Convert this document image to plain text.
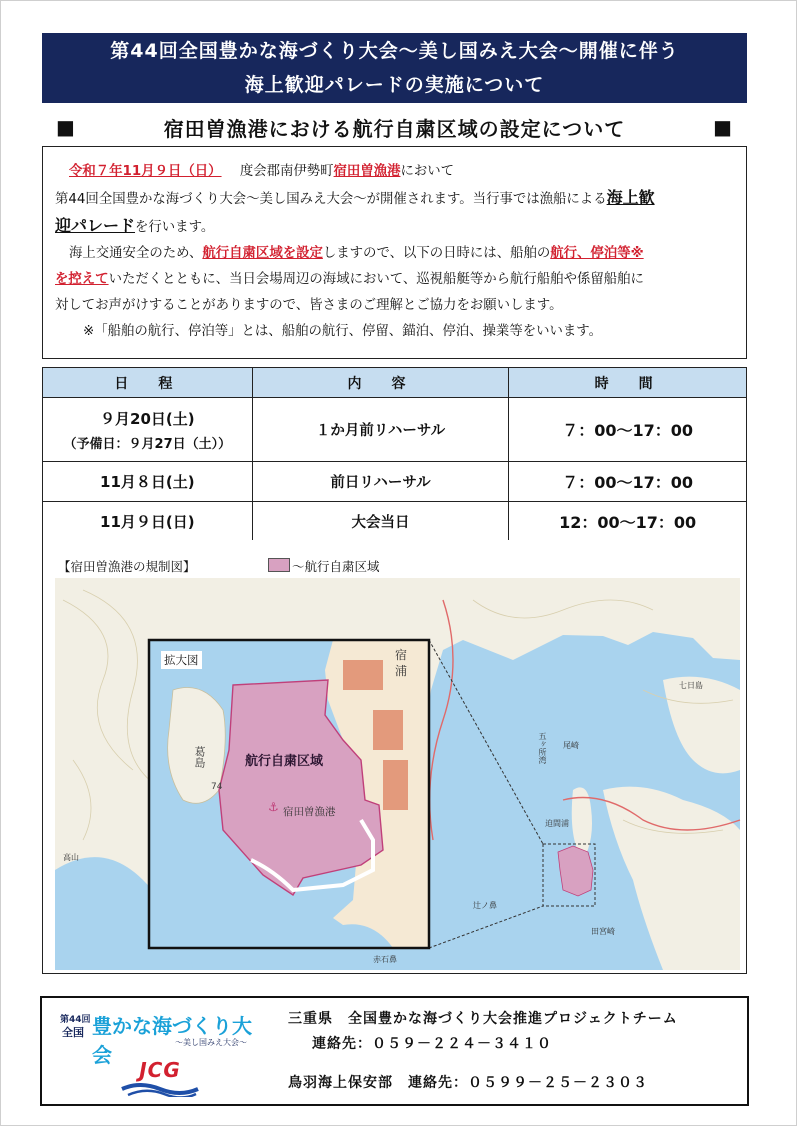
第44回全国豊かな海づくり大会～美し国みえ大会～開催に伴う
海上歓迎パレードの実施について
■	宿田曽漁港における航行自粛区域の設定について	■
令和７年11月９日（日） 度会郡南伊勢町宿田曽漁港において
第44回全国豊かな海づくり大会～美し国みえ大会～が開催されます。当行事では漁船による海上歓
迎パレードを行います。
海上交通安全のため、航行自粛区域を設定しますので、以下の日時には、船舶の航行、停泊等※
を控えていただくとともに、当日会場周辺の海域において、巡視船艇等から航行船舶や係留船舶に
対してお声がけすることがありますので、皆さまのご理解とご協力をお願いします。
※「船舶の航行、停泊等」とは、船舶の航行、停留、錨泊、停泊、操業等をいいます。
日　程	内　容	時　間

９月20日(土)
（予備日：９月27日（土））	１か月前リハーサル	７：00～17：00
11月８日(土)	前日リハーサル	７：00～17：00
11月９日(日)	大会当日	12：00～17：00
拡大図
航行自粛区域
宿田曽漁港
⚓
葛島
74
宿
浦
七日島
五ヶ所湾
迫間浦
辻ノ鼻
田宮崎
赤石鼻
高山
尾崎
【宿田曽漁港の規制図】	～航行自粛区域
第44回
全国 豊かな海づくり大会
～美し国みえ大会～
JCG
三重県　全国豊かな海づくり大会推進プロジェクトチーム
連絡先：０５９－２２４－３４１０
鳥羽海上保安部　連絡先：０５９９－２５－２３０３
